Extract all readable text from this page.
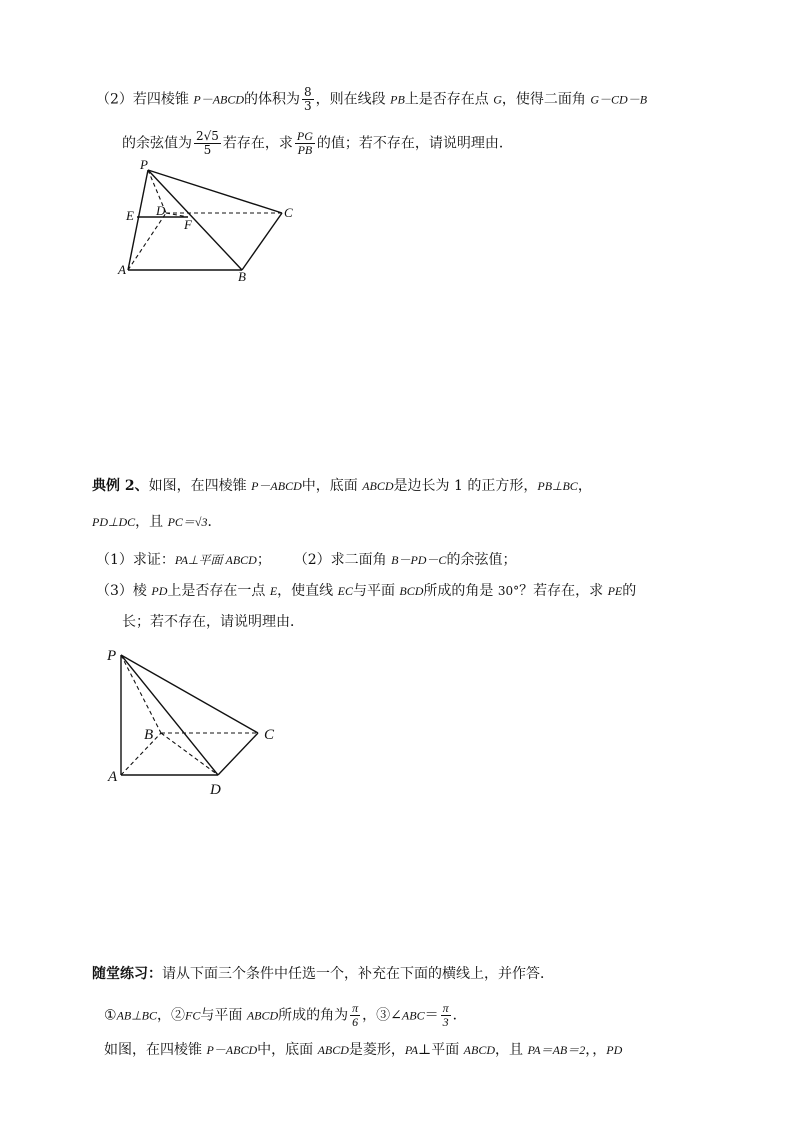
（2）若四棱锥 P－ABCD的体积为 $\frac{8}{3}$ ，则在线段 PB上是否存在点 G，使得二面角 G－CD－B
的余弦值为 $\frac{2√5}{5}$ 若存在，求 $\frac{PG}{PB}$ 的值；若不存在，请说明理由．
P
E D
F
C
A	B
典例 2、如图，在四棱锥 P－ABCD中，底面 ABCD是边长为 1 的正方形，PB⊥BC，
PD⊥DC，且 PC＝√3．
（1）求证：PA⊥平面 ABCD； （2）求二面角 B－PD－C的余弦值；
（3）棱 PD上是否存在一点 E，使直线 EC与平面 BCD所成的角是 30°？若存在，求 PE的
长；若不存在，请说明理由．
P
B	C
A
D
随堂练习：请从下面三个条件中任选一个，补充在下面的横线上，并作答．
①AB⊥BC，②FC与平面 ABCD所成的角为 $\frac{\pi}{6}$ ，③∠ABC＝ $\frac{\pi}{3}$ ．
如图，在四棱锥 P－ABCD中，底面 ABCD是菱形，PA⊥平面 ABCD，且 PA＝AB＝2，，PD
